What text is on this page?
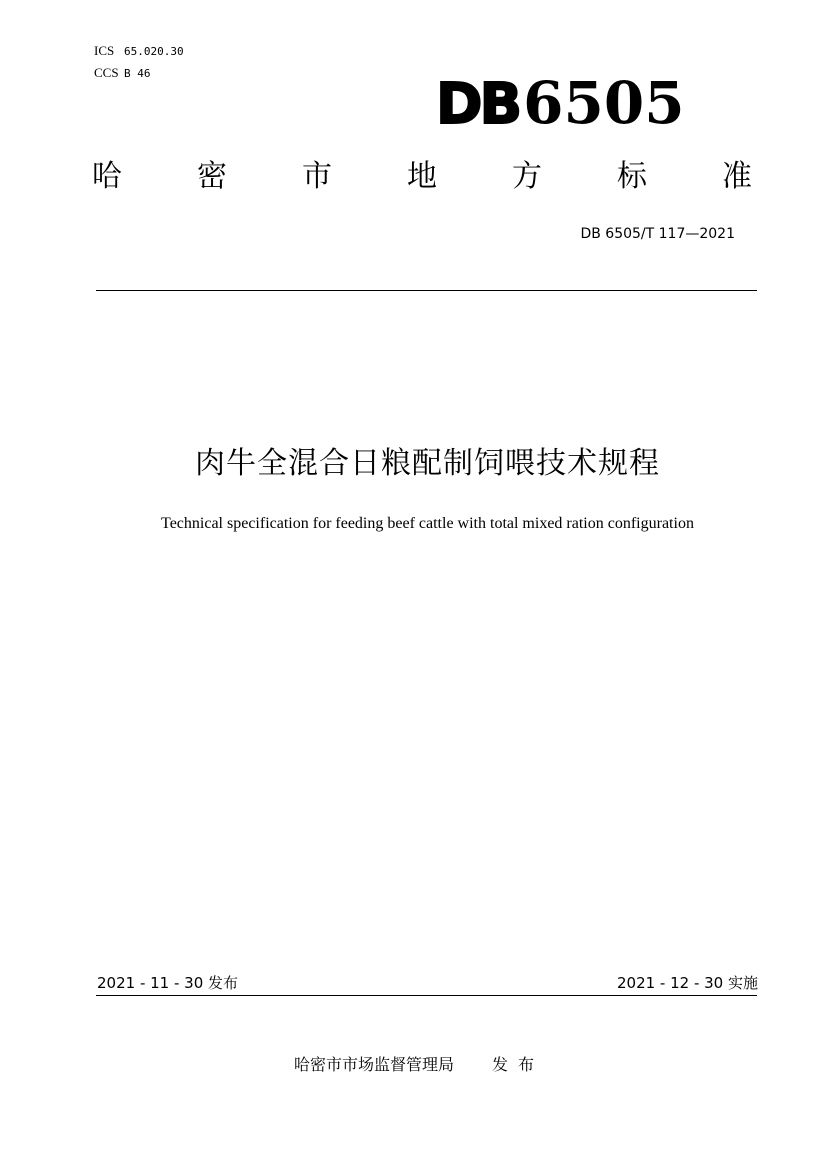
ICS 65.020.30
CCS B 46	DB6505
哈	密	市	地	方	标	准
DB 6505/T 117—2021
肉牛全混合日粮配制饲喂技术规程
Technical specification for feeding beef cattle with total mixed ration configuration
2021 - 11 - 30 发布	2021 - 12 - 30 实施
哈密市市场监督管理局 发布
